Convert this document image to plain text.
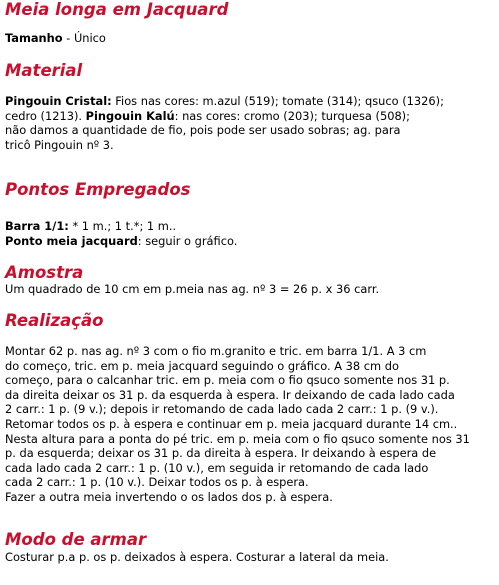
Meia longa em Jacquard
Tamanho - Único
Material
Pingouin Cristal: Fios nas cores: m.azul (519); tomate (314); qsuco (1326);
cedro (1213). Pingouin Kalú: nas cores: cromo (203); turquesa (508);
não damos a quantidade de fio, pois pode ser usado sobras; ag. para
tricô Pingouin nº 3.
Pontos Empregados
Barra 1/1: * 1 m.; 1 t.*; 1 m..
Ponto meia jacquard: seguir o gráfico.
Amostra
Um quadrado de 10 cm em p.meia nas ag. nº 3 = 26 p. x 36 carr.
Realização
Montar 62 p. nas ag. nº 3 com o fio m.granito e tric. em barra 1/1. A 3 cm
do começo, tric. em p. meia jacquard seguindo o gráfico. A 38 cm do
começo, para o calcanhar tric. em p. meia com o fio qsuco somente nos 31 p.
da direita deixar os 31 p. da esquerda à espera. Ir deixando de cada lado cada
2 carr.: 1 p. (9 v.); depois ir retomando de cada lado cada 2 carr.: 1 p. (9 v.).
Retomar todos os p. à espera e continuar em p. meia jacquard durante 14 cm..
Nesta altura para a ponta do pé tric. em p. meia com o fio qsuco somente nos 31
p. da esquerda; deixar os 31 p. da direita à espera. Ir deixando à espera de
cada lado cada 2 carr.: 1 p. (10 v.), em seguida ir retomando de cada lado
cada 2 carr.: 1 p. (10 v.). Deixar todos os p. à espera.
Fazer a outra meia invertendo o os lados dos p. à espera.
Modo de armar
Costurar p.a p. os p. deixados à espera. Costurar a lateral da meia.
